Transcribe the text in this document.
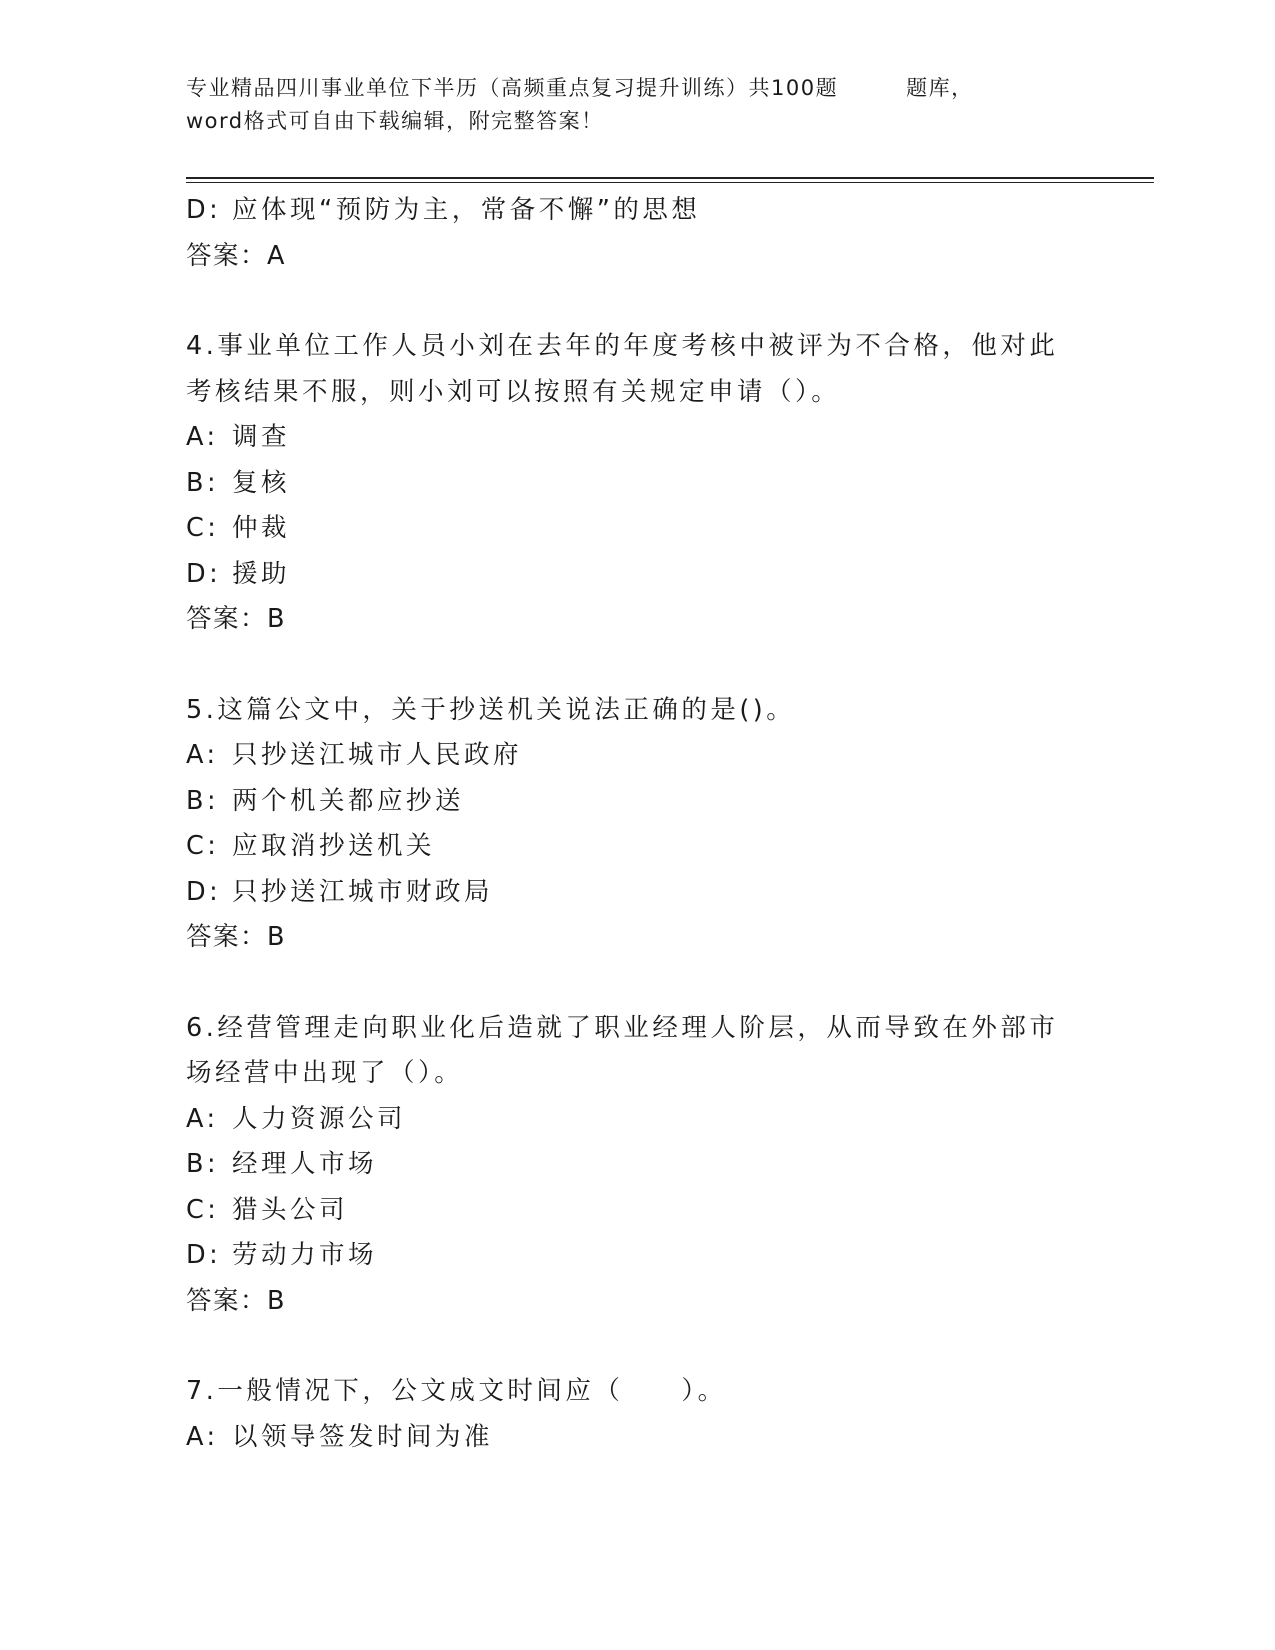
专业精品四川事业单位下半历（高频重点复习提升训练）共100题	题库，
word格式可自由下载编辑，附完整答案！
D: 应体现“预防为主，常备不懈”的思想
答案：A
4.事业单位工作人员小刘在去年的年度考核中被评为不合格，他对此
考核结果不服，则小刘可以按照有关规定申请（）。
A: 调查
B: 复核
C: 仲裁
D: 援助
答案：B
5.这篇公文中，关于抄送机关说法正确的是()。
A: 只抄送江城市人民政府
B: 两个机关都应抄送
C: 应取消抄送机关
D: 只抄送江城市财政局
答案：B
6.经营管理走向职业化后造就了职业经理人阶层，从而导致在外部市
场经营中出现了（）。
A: 人力资源公司
B: 经理人市场
C: 猎头公司
D: 劳动力市场
答案：B
7.一般情况下，公文成文时间应（　　）。
A: 以领导签发时间为准
